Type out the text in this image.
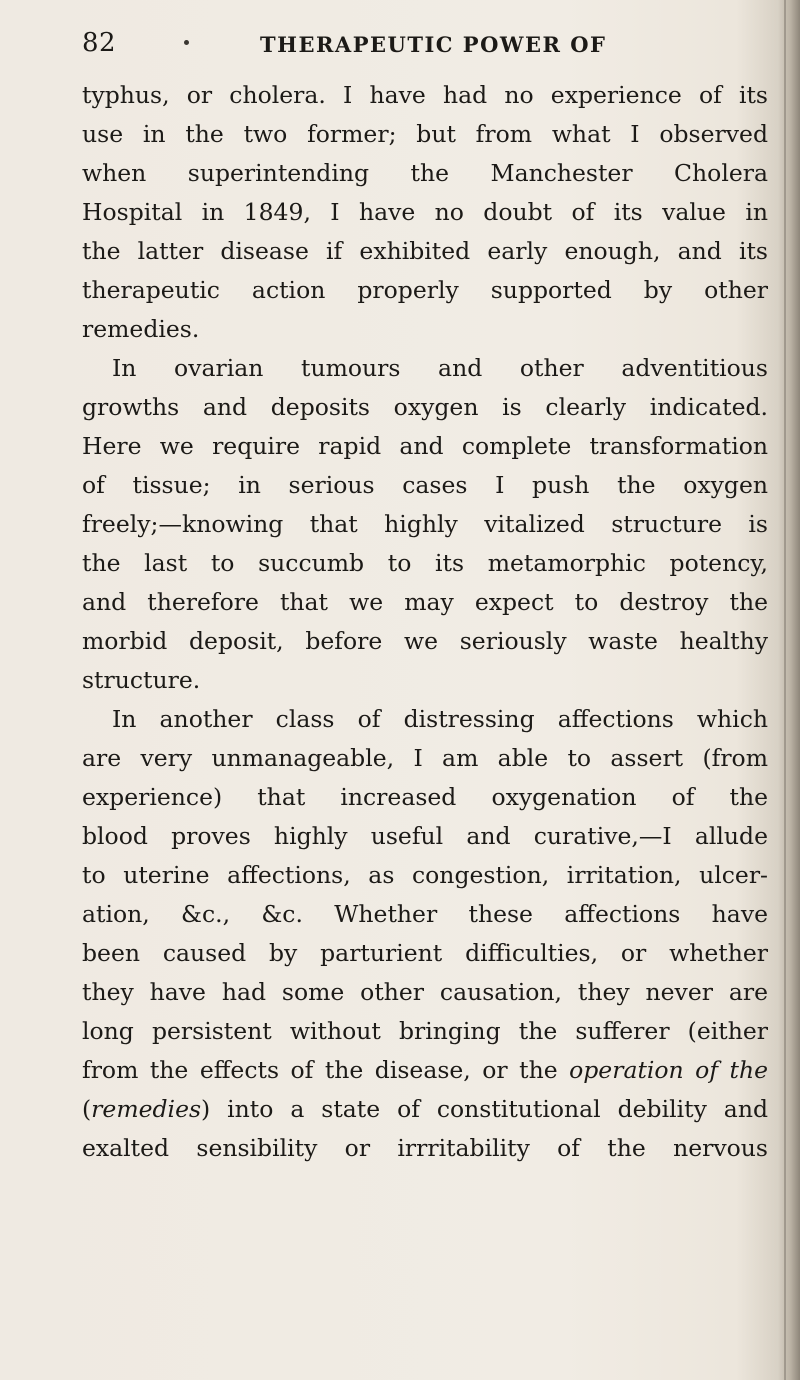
82	THERAPEUTIC POWER OF
typhus, or cholera. I have had no experience of its
use in the two former; but from what I observed
when superintending the Manchester Cholera
Hospital in 1849, I have no doubt of its value in
the latter disease if exhibited early enough, and its
therapeutic action properly supported by other
remedies.
In ovarian tumours and other adventitious
growths and deposits oxygen is clearly indicated.
Here we require rapid and complete transformation
of tissue; in serious cases I push the oxygen
freely;—knowing that highly vitalized structure is
the last to succumb to its metamorphic potency,
and therefore that we may expect to destroy the
morbid deposit, before we seriously waste healthy
structure.
In another class of distressing affections which
are very unmanageable, I am able to assert (from
experience) that increased oxygenation of the
blood proves highly useful and curative,—I allude
to uterine affections, as congestion, irritation, ulcer-
ation, &c., &c. Whether these affections have
been caused by parturient difficulties, or whether
they have had some other causation, they never are
long persistent without bringing the sufferer (either
from the effects of the disease, or the operation of the
(remedies) into a state of constitutional debility and
exalted sensibility or irrritability of the nervous
